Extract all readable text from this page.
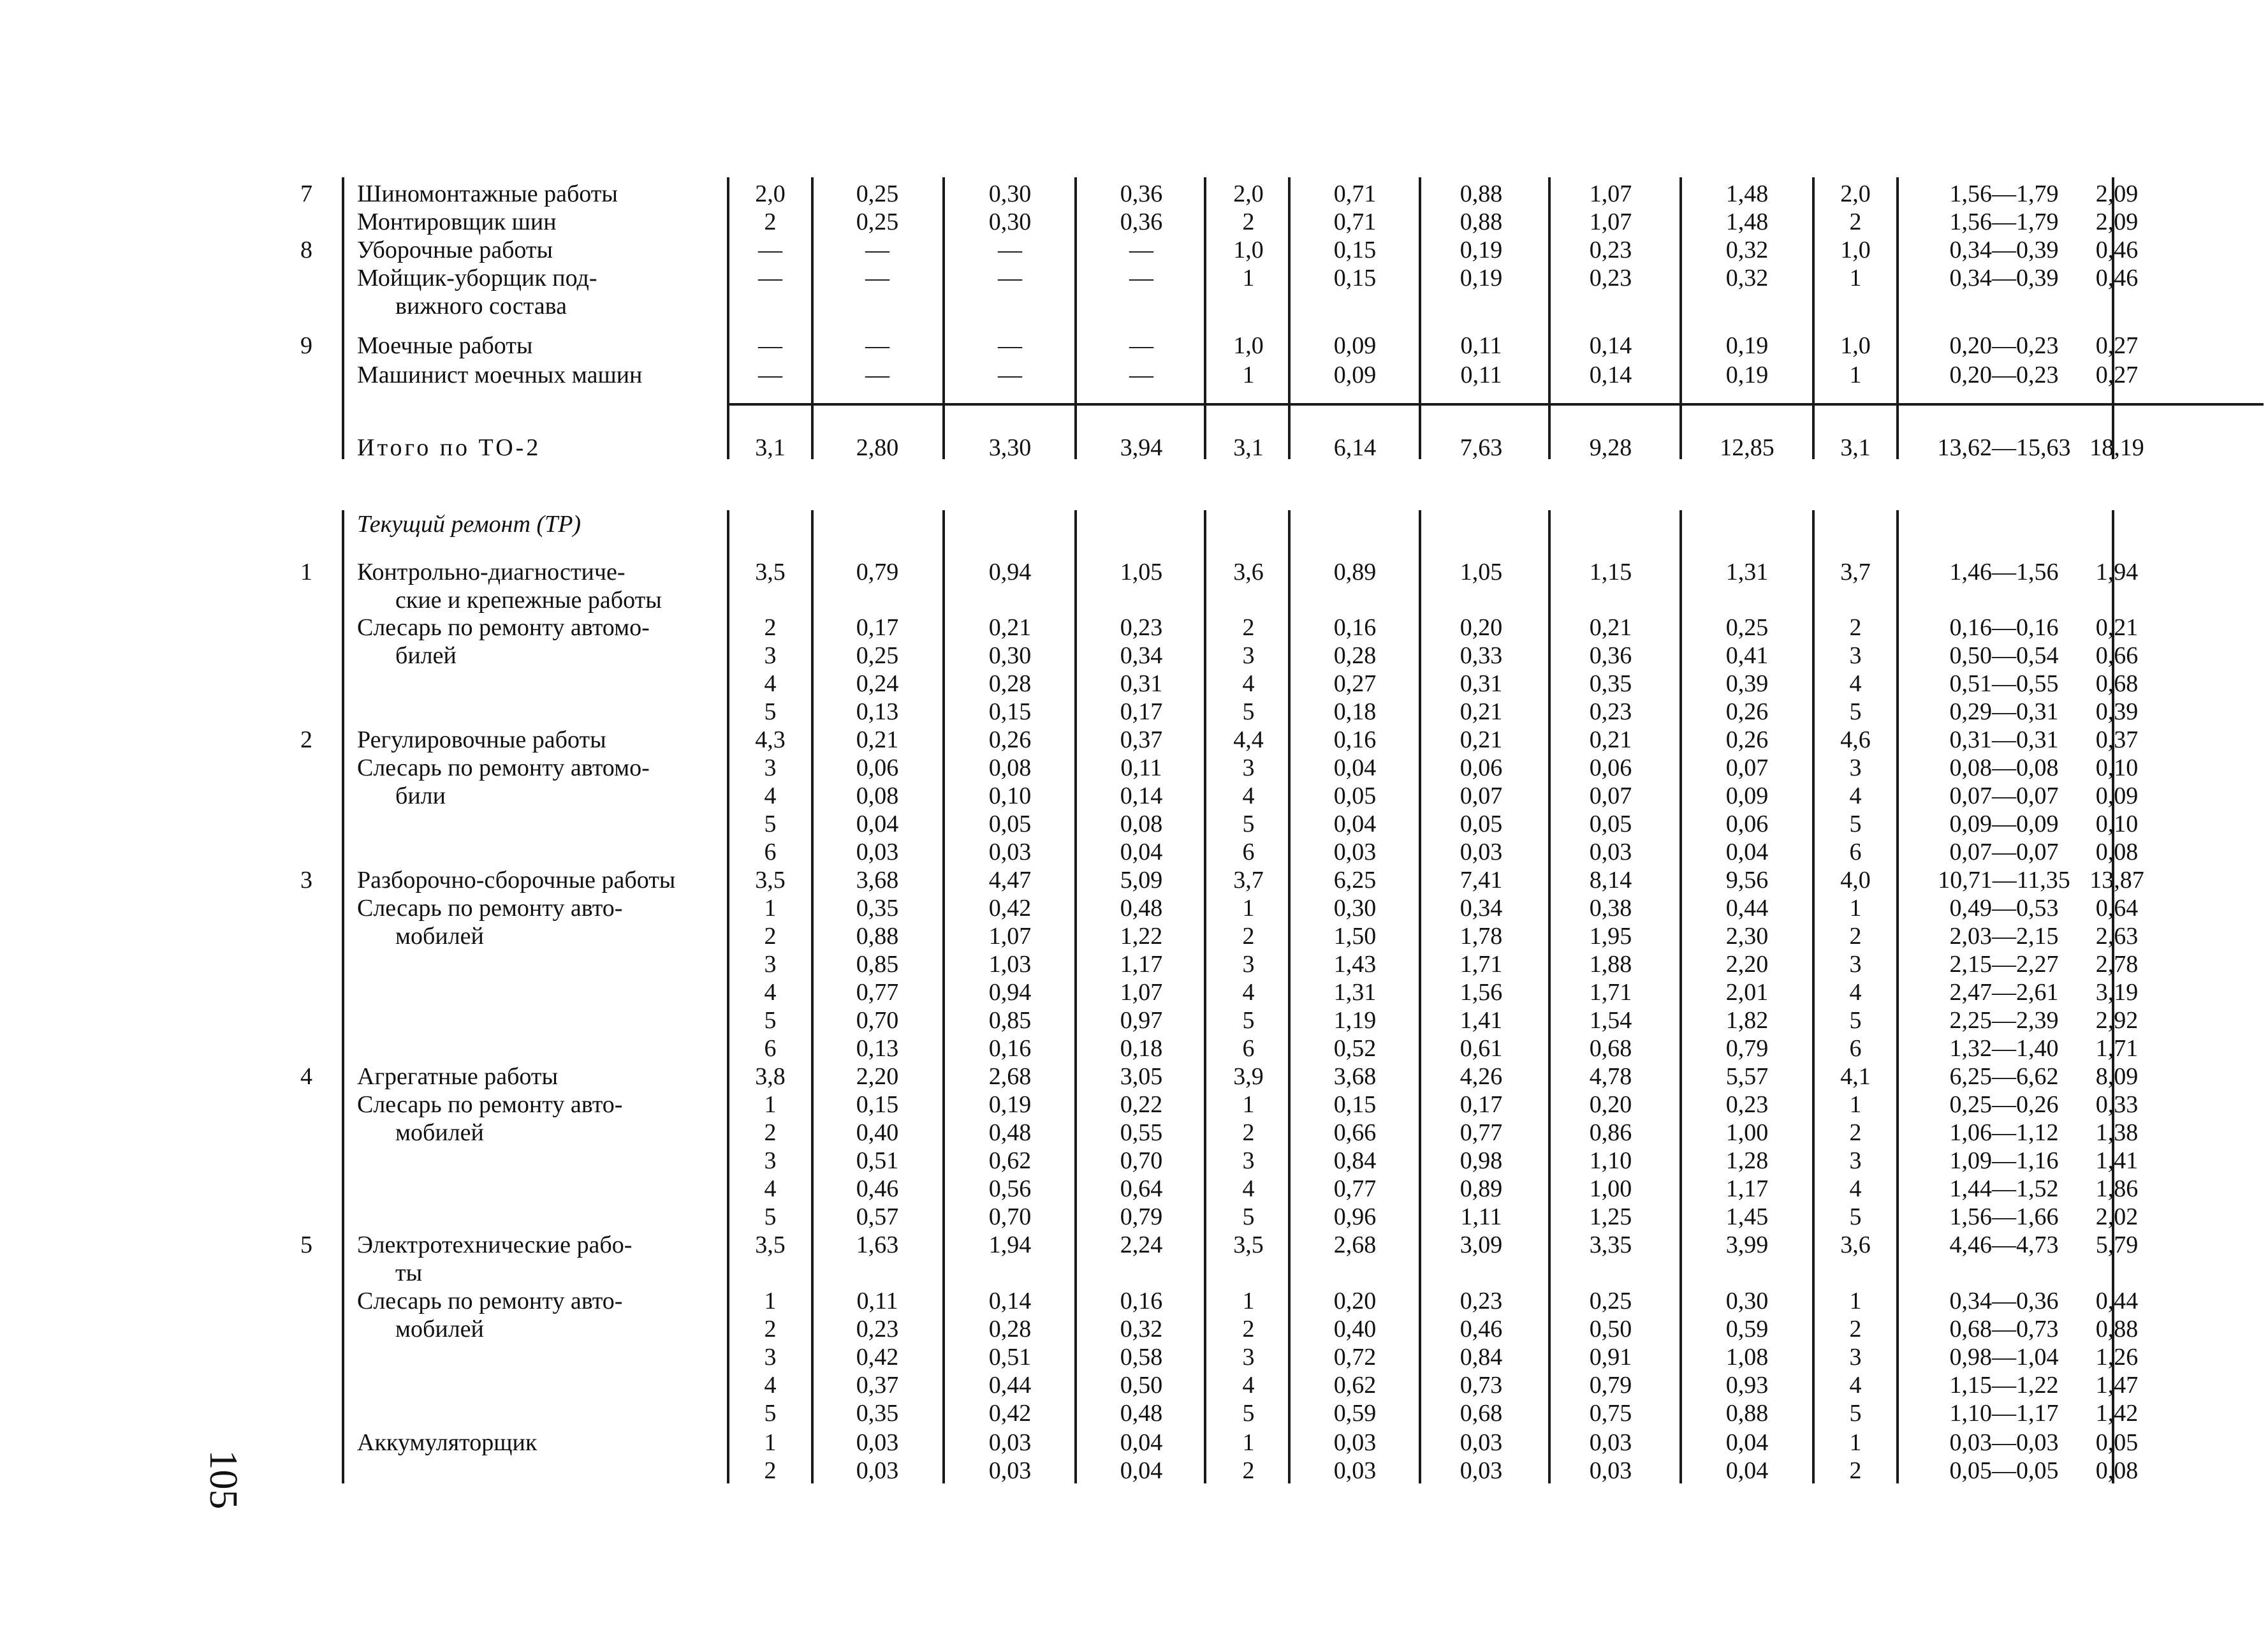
105
7 Шиномонтажные работы	2,0	0,25	0,30	0,36	2,0	0,71	0,88	1,07	1,48	2,0	1,56—1,79	2,09
Монтировщик шин	2	0,25	0,30	0,36	2	0,71	0,88	1,07	1,48	2	1,56—1,79	2,09
8 Уборочные работы	—	—	—	—	1,0	0,15	0,19	0,23	0,32	1,0	0,34—0,39	0,46
Мойщик-уборщик под-
вижного состава
—	—	—	—	1	0,15	0,19	0,23	0,32	1	0,34—0,39	0,46
9 Моечные работы	—	—	—	—	1,0	0,09	0,11	0,14	0,19	1,0	0,20—0,23	0,27
Машинист моечных машин	—	—	—	—	1	0,09	0,11	0,14	0,19	1	0,20—0,23	0,27
Итого по ТО-2	3,1	2,80	3,30	3,94	3,1	6,14	7,63	9,28	12,85	3,1	13,62—15,63 18,19
Текущий ремонт (ТР)
1 Контрольно-диагностиче-
ские и крепежные работы
3,5	0,79	0,94	1,05	3,6	0,89	1,05	1,15	1,31	3,7	1,46—1,56	1,94
Слесарь по ремонту автомо-
билей
2	0,17	0,21	0,23	2	0,16	0,20	0,21	0,25	2	0,16—0,16	0,21
3	0,25	0,30	0,34	3	0,28	0,33	0,36	0,41	3	0,50—0,54	0,66
4	0,24	0,28	0,31	4	0,27	0,31	0,35	0,39	4	0,51—0,55	0,68
5	0,13	0,15	0,17	5	0,18	0,21	0,23	0,26	5	0,29—0,31	0,39
2 Регулировочные работы	4,3	0,21	0,26	0,37	4,4	0,16	0,21	0,21	0,26	4,6	0,31—0,31	0,37
Слесарь по ремонту автомо-
били
3	0,06	0,08	0,11	3	0,04	0,06	0,06	0,07	3	0,08—0,08	0,10
4	0,08	0,10	0,14	4	0,05	0,07	0,07	0,09	4	0,07—0,07	0,09
5	0,04	0,05	0,08	5	0,04	0,05	0,05	0,06	5	0,09—0,09	0,10
6	0,03	0,03	0,04	6	0,03	0,03	0,03	0,04	6	0,07—0,07	0,08
3 Разборочно-сборочные работы	3,5	3,68	4,47	5,09	3,7	6,25	7,41	8,14	9,56	4,0	10,71—11,35 13,87
Слесарь по ремонту авто-
мобилей
1	0,35	0,42	0,48	1	0,30	0,34	0,38	0,44	1	0,49—0,53	0,64
2	0,88	1,07	1,22	2	1,50	1,78	1,95	2,30	2	2,03—2,15	2,63
3	0,85	1,03	1,17	3	1,43	1,71	1,88	2,20	3	2,15—2,27	2,78
4	0,77	0,94	1,07	4	1,31	1,56	1,71	2,01	4	2,47—2,61	3,19
5	0,70	0,85	0,97	5	1,19	1,41	1,54	1,82	5	2,25—2,39	2,92
6	0,13	0,16	0,18	6	0,52	0,61	0,68	0,79	6	1,32—1,40	1,71
4 Агрегатные работы	3,8	2,20	2,68	3,05	3,9	3,68	4,26	4,78	5,57	4,1	6,25—6,62	8,09
Слесарь по ремонту авто-
мобилей
1	0,15	0,19	0,22	1	0,15	0,17	0,20	0,23	1	0,25—0,26	0,33
2	0,40	0,48	0,55	2	0,66	0,77	0,86	1,00	2	1,06—1,12	1,38
3	0,51	0,62	0,70	3	0,84	0,98	1,10	1,28	3	1,09—1,16	1,41
4	0,46	0,56	0,64	4	0,77	0,89	1,00	1,17	4	1,44—1,52	1,86
5	0,57	0,70	0,79	5	0,96	1,11	1,25	1,45	5	1,56—1,66	2,02
5 Электротехнические рабо-
ты
3,5	1,63	1,94	2,24	3,5	2,68	3,09	3,35	3,99	3,6	4,46—4,73	5,79
Слесарь по ремонту авто-
мобилей
1	0,11	0,14	0,16	1	0,20	0,23	0,25	0,30	1	0,34—0,36	0,44
2	0,23	0,28	0,32	2	0,40	0,46	0,50	0,59	2	0,68—0,73	0,88
3	0,42	0,51	0,58	3	0,72	0,84	0,91	1,08	3	0,98—1,04	1,26
4	0,37	0,44	0,50	4	0,62	0,73	0,79	0,93	4	1,15—1,22	1,47
5	0,35	0,42	0,48	5	0,59	0,68	0,75	0,88	5	1,10—1,17	1,42
Аккумуляторщик	1	0,03	0,03	0,04	1	0,03	0,03	0,03	0,04	1	0,03—0,03	0,05
2	0,03	0,03	0,04	2	0,03	0,03	0,03	0,04	2	0,05—0,05	0,08
